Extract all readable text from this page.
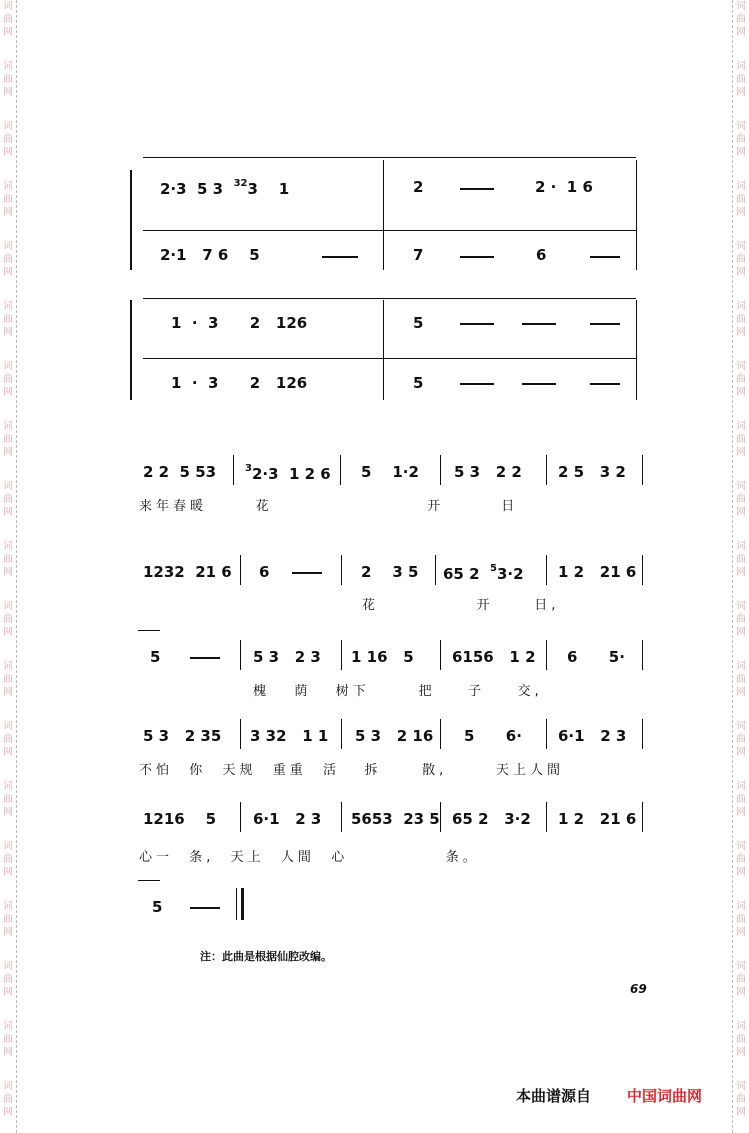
词
曲
网
词
曲
网
词
曲
网
词
曲
网
词
曲
网
词
曲
网
词
曲
网
词
曲
网
词
曲
网
词
曲
网
词
曲
网
词
曲
网
词
曲
网
词
曲
网
词
曲
网
词
曲
网
词
曲
网
词
曲
网
词
曲
网
词
曲
网
词
曲
网
词
曲
网
词
曲
网
词
曲
网
词
曲
网
词
曲
网
词
曲
网
词
曲
网
词
曲
网
词
曲
网
词
曲
网
词
曲
网
词
曲
网
词
曲
网
词
曲
网
词
曲
网
词
曲
网
词
曲
网
2·3  5 3  $^{32}$3    1	2	2 ·  1 6
2·1   7 6    5	7	6
1  ·  3      2   126	5
1  ·  3      2   126	5
2 2  5 53	$^3$2·3  1 2 6 5    1·2 5 3   2 2 2 5   3 2
来年春暖      花                   开       日
1232  21 6 6	2    3 5 65 2  $^5$3·2 1 2   21 6
花            开     日,
5	5 3   2 3 1 16   5	6156   1 2 6      5·
槐   荫   树下      把    子    交,
5 3   2 35 3 32   1 1 5 3   2 16 5      6· 6·1   2 3
不怕  你  天规  重重  活   拆     散,      天上人間
1216    5 6·1   2 3 5653  23 5 65 2   3·2 1 2   21 6
心一  条,  天上  人間  心            条。
5
注：此曲是根据仙腔改编。
69
本曲谱源自 中国词曲网
